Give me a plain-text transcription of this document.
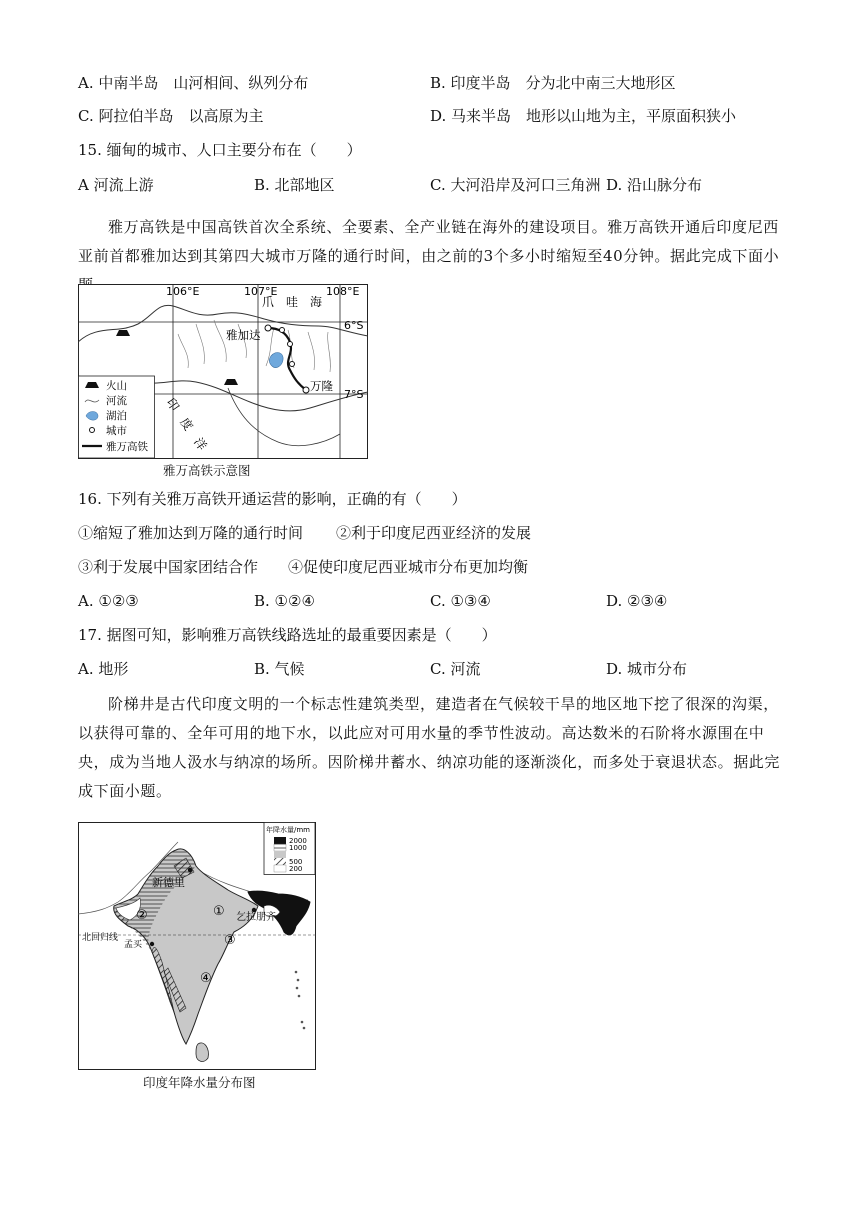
A. 中南半岛　山河相间、纵列分布	B. 印度半岛　分为北中南三大地形区
C. 阿拉伯半岛　以高原为主	D. 马来半岛　地形以山地为主，平原面积狭小
15. 缅甸的城市、人口主要分布在（　　）
A 河流上游	B. 北部地区	C. 大河沿岸及河口三角洲 D. 沿山脉分布
雅万高铁是中国高铁首次全系统、全要素、全产业链在海外的建设项目。雅万高铁开通后印度尼西亚前首都雅加达到其第四大城市万隆的通行时间，由之前的3个多小时缩短至40分钟。据此完成下面小
106°E	107°E	108°E
爪　哇　海
6°S
7°S
雅加达
万隆
印　度　洋
火山
河流
湖泊
城市
雅万高铁
雅万高铁示意图
16. 下列有关雅万高铁开通运营的影响，正确的有（　　）
①缩短了雅加达到万隆的通行时间 ②利于印度尼西亚经济的发展
③利于发展中国家团结合作 ④促使印度尼西亚城市分布更加均衡
A. ①②③	B. ①②④	C. ①③④	D. ②③④
17. 据图可知，影响雅万高铁线路选址的最重要因素是（　　）
A. 地形	B. 气候	C. 河流	D. 城市分布
阶梯井是古代印度文明的一个标志性建筑类型，建造者在气候较干旱的地区地下挖了很深的沟渠，以获得可靠的、全年可用的地下水，以此应对可用水量的季节性波动。高达数米的石阶将水源围在中央，成为当地人汲水与纳凉的场所。因阶梯井蓄水、纳凉功能的逐渐淡化，而多处于衰退状态。据此完成下面小题。
年降水量/mm
2000
1000
500
200
新德里
乞拉朋齐
孟买
北回归线
①
②
③
④
印度年降水量分布图
